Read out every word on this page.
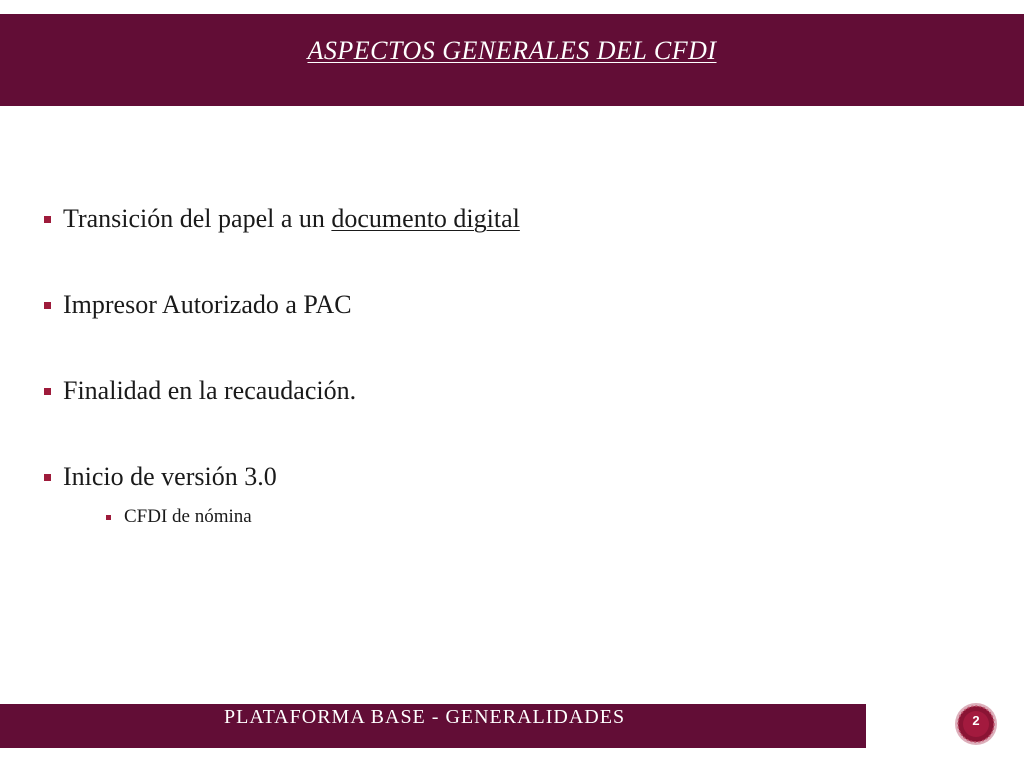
ASPECTOS GENERALES DEL CFDI
Transición del papel a un documento digital
Impresor Autorizado a PAC
Finalidad en la recaudación.
Inicio de versión 3.0
CFDI de nómina
PLATAFORMA BASE - GENERALIDADES	2
